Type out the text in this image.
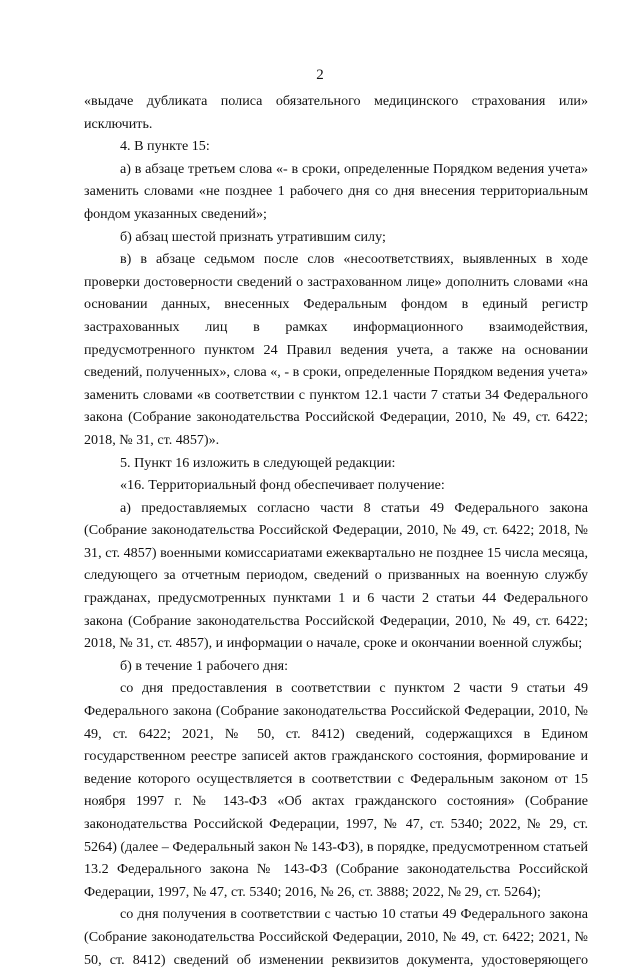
2

«выдаче дубликата полиса обязательного медицинского страхования или» исключить.

4. В пункте 15:

а) в абзаце третьем слова «- в сроки, определенные Порядком ведения учета» заменить словами «не позднее 1 рабочего дня со дня внесения территориальным фондом указанных сведений»;

б) абзац шестой признать утратившим силу;

в) в абзаце седьмом после слов «несоответствиях, выявленных в ходе проверки достоверности сведений о застрахованном лице» дополнить словами «на основании данных, внесенных Федеральным фондом в единый регистр застрахованных лиц в рамках информационного взаимодействия, предусмотренного пунктом 24 Правил ведения учета, а также на основании сведений, полученных», слова «, - в сроки, определенные Порядком ведения учета» заменить словами «в соответствии с пунктом 12.1 части 7 статьи 34 Федерального закона (Собрание законодательства Российской Федерации, 2010, № 49, ст. 6422; 2018, № 31, ст. 4857)».

5. Пункт 16 изложить в следующей редакции:

«16. Территориальный фонд обеспечивает получение:

а) предоставляемых согласно части 8 статьи 49 Федерального закона (Собрание законодательства Российской Федерации, 2010, № 49, ст. 6422; 2018, № 31, ст. 4857) военными комиссариатами ежеквартально не позднее 15 числа месяца, следующего за отчетным периодом, сведений о призванных на военную службу гражданах, предусмотренных пунктами 1 и 6 части 2 статьи 44 Федерального закона (Собрание законодательства Российской Федерации, 2010, № 49, ст. 6422; 2018, № 31, ст. 4857), и информации о начале, сроке и окончании военной службы;

б) в течение 1 рабочего дня:

со дня предоставления в соответствии с пунктом 2 части 9 статьи 49 Федерального закона (Собрание законодательства Российской Федерации, 2010, № 49, ст. 6422; 2021, № 50, ст. 8412) сведений, содержащихся в Едином государственном реестре записей актов гражданского состояния, формирование и ведение которого осуществляется в соответствии с Федеральным законом от 15 ноября 1997 г. № 143-ФЗ «Об актах гражданского состояния» (Собрание законодательства Российской Федерации, 1997, № 47, ст. 5340; 2022, № 29, ст. 5264) (далее – Федеральный закон № 143-ФЗ), в порядке, предусмотренном статьей 13.2 Федерального закона № 143-ФЗ (Собрание законодательства Российской Федерации, 1997, № 47, ст. 5340; 2016, № 26, ст. 3888; 2022, № 29, ст. 5264);

со дня получения в соответствии с частью 10 статьи 49 Федерального закона (Собрание законодательства Российской Федерации, 2010, № 49, ст. 6422; 2021, № 50, ст. 8412) сведений об изменении реквизитов документа, удостоверяющего
